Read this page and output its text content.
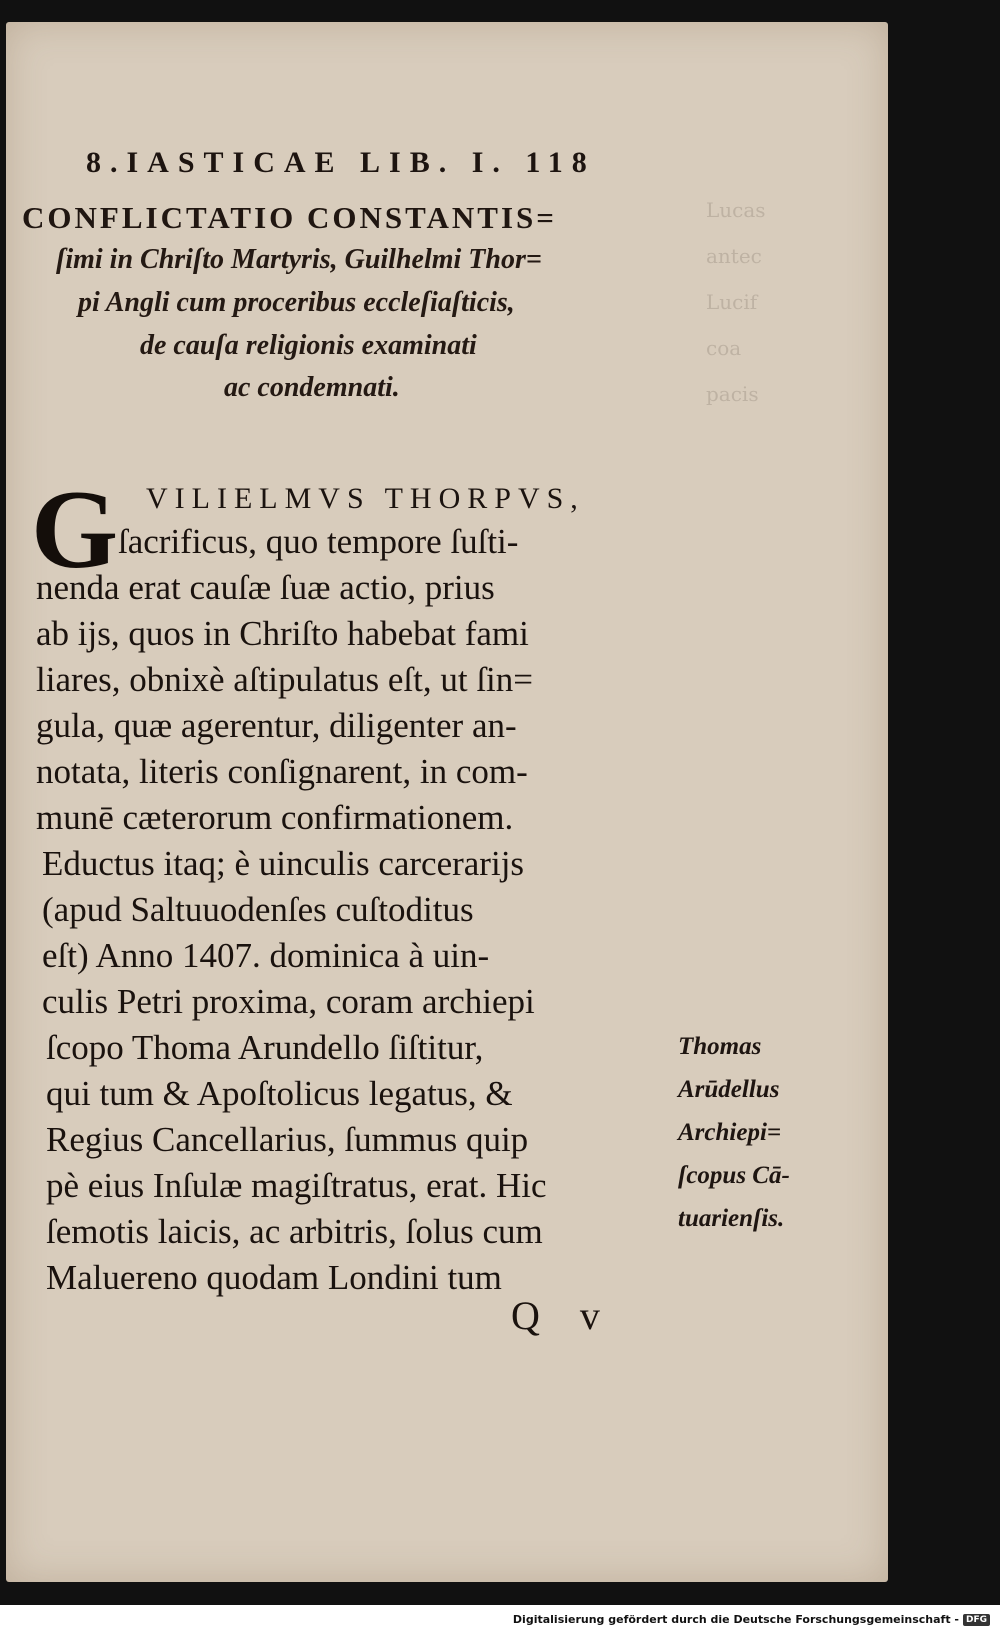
Lucas
antec
Lucif
coa
pacis
8.IASTICAE LIB. I. 118
CONFLICTATIO CONSTANTIS=
ſimi in Chriſto Martyris, Guilhelmi Thor=
pi Angli cum proceribus eccleſiaſticis,
de cauſa religionis examinati
ac condemnati.
G VILIELMVS THORPVS,
ſacrificus, quo tempore ſuſti-
nenda erat cauſæ ſuæ actio, prius
ab ijs, quos in Chriſto habebat fami
liares, obnixè aſtipulatus eſt, ut ſin=
gula, quæ agerentur, diligenter an-
notata, literis conſignarent, in com-
munē cæterorum confirmationem.
Eductus itaq; è uinculis carcerarijs
(apud Saltuuodenſes cuſtoditus
eſt) Anno 1407. dominica à uin-
culis Petri proxima, coram archiepi
ſcopo Thoma Arundello ſiſtitur,
qui tum & Apoſtolicus legatus, &
Regius Cancellarius, ſummus quip
pè eius Inſulæ magiſtratus, erat. Hic
ſemotis laicis, ac arbitris, ſolus cum
Maluereno quodam Londini tum
Thomas
Arūdellus
Archiepi=
ſcopus Cā-
tuarienſis.
Q v
Digitalisierung gefördert durch die Deutsche Forschungsgemeinschaft - DFG
